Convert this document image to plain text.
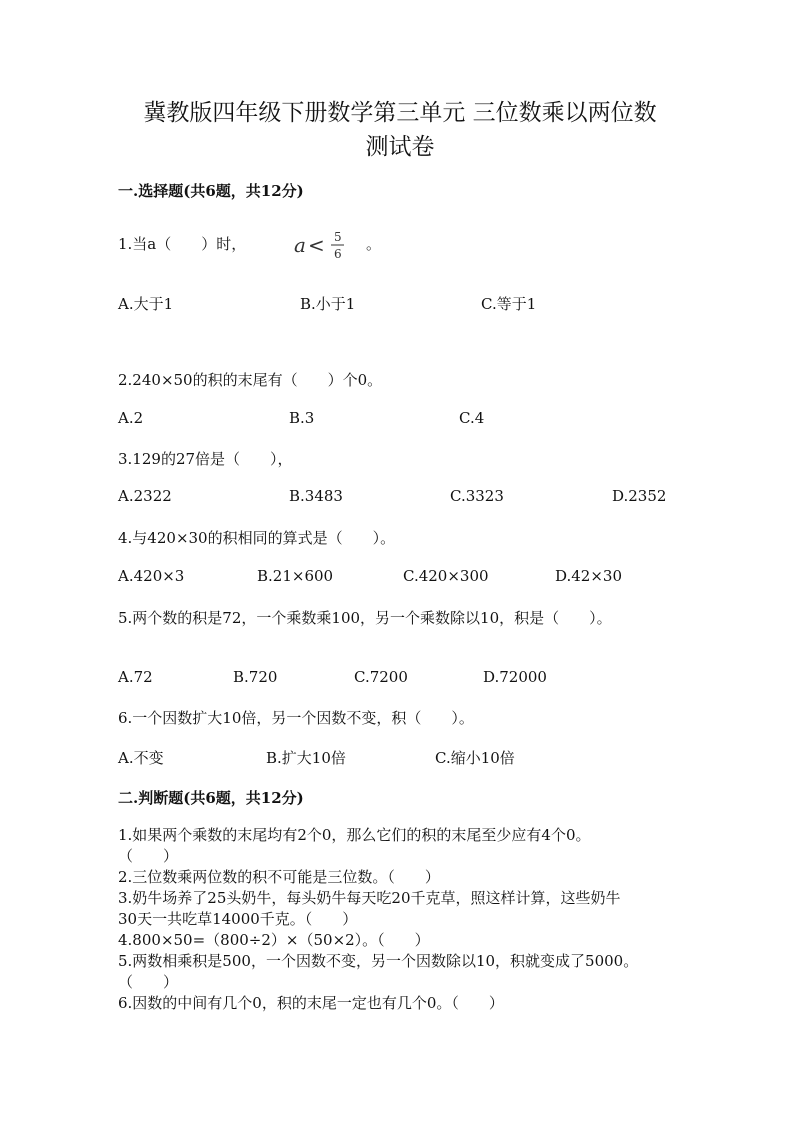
冀教版四年级下册数学第三单元 三位数乘以两位数
测试卷
一.选择题(共6题，共12分)
1.当a（　　）时， a < 5
6
。
A.大于1	B.小于1	C.等于1
2.240×50的积的末尾有（　　）个0。
A.2	B.3	C.4
3.129的27倍是（　　），
A.2322	B.3483	C.3323	D.2352
4.与420×30的积相同的算式是（　　）。
A.420×3	B.21×600	C.420×300	D.42×30
5.两个数的积是72，一个乘数乘100，另一个乘数除以10，积是（　　）。
A.72	B.720	C.7200	D.72000
6.一个因数扩大10倍，另一个因数不变，积（　　）。
A.不变	B.扩大10倍	C.缩小10倍
二.判断题(共6题，共12分)
1.如果两个乘数的末尾均有2个0，那么它们的积的末尾至少应有4个0。
（　　）
2.三位数乘两位数的积不可能是三位数。（　　）
3.奶牛场养了25头奶牛，每头奶牛每天吃20千克草，照这样计算，这些奶牛
30天一共吃草14000千克。（　　）
4.800×50=（800÷2）×（50×2）。（　　）
5.两数相乘积是500，一个因数不变，另一个因数除以10，积就变成了5000。
（　　）
6.因数的中间有几个0，积的末尾一定也有几个0。（　　）
